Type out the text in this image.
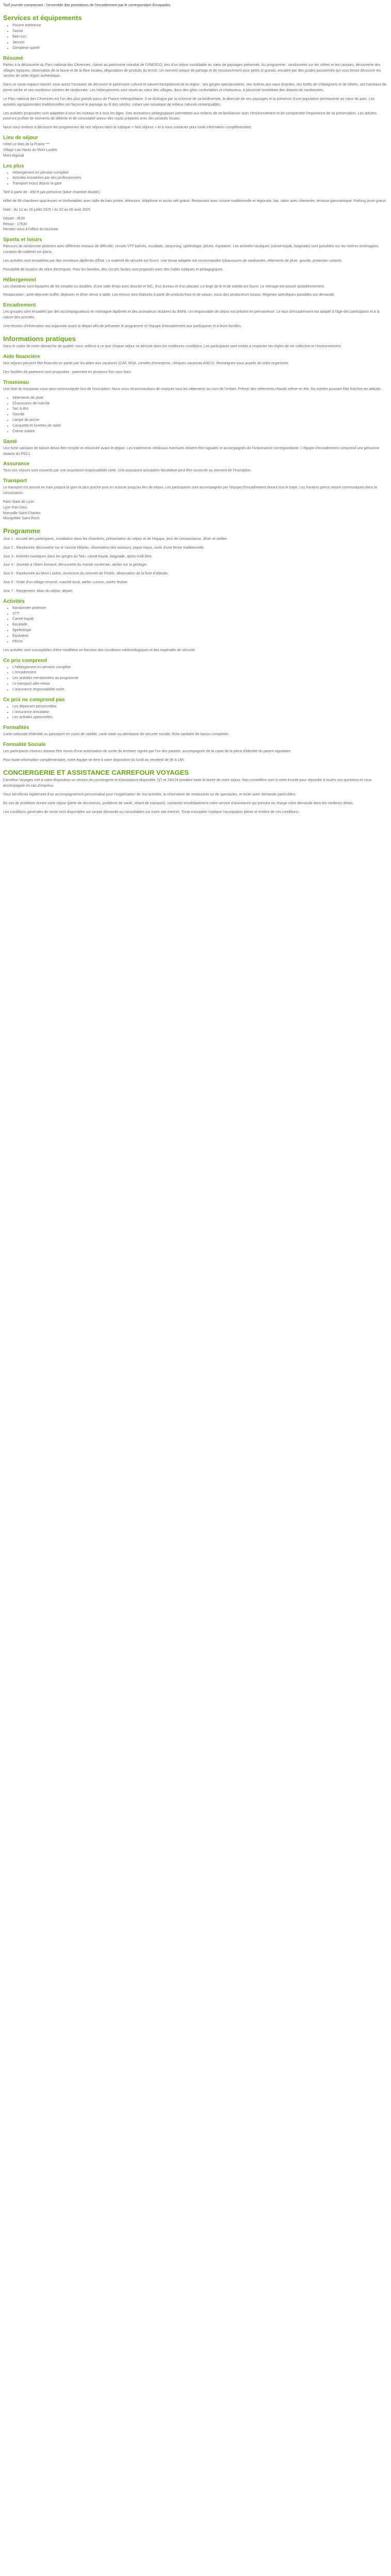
Tarif journée comprenant : l'ensemble des prestations de l'encadrement par le correspondant Escapades

Services et équipements
• Piscine extérieure
• Sauna
• Bain turc
• Jacuzzi
• Complexe sportif
Résumé

Partez à la découverte du Parc national des Cévennes, classé au patrimoine mondial de l'UNESCO, lors d'un séjour inoubliable au cœur de paysages préservés. Au programme : randonnées sur les crêtes et les causses, découverte des villages typiques, observation de la faune et de la flore locales, dégustation de produits du terroir. Un moment unique de partage et de ressourcement pour petits et grands, encadré par des guides passionnés qui vous feront découvrir les secrets de cette région authentique.

Dans ce vaste espace naturel, vous aurez l'occasion de découvrir le patrimoine culturel et naturel exceptionnel de la région : ses gorges spectaculaires, ses rivières aux eaux limpides, ses forêts de châtaigniers et de hêtres, ses hameaux de pierre sèche et ses nombreux sentiers de randonnée. Les hébergements sont situés au cœur des villages, dans des gîtes confortables et chaleureux, à proximité immédiate des départs de randonnées.

Le Parc national des Cévennes est l'un des plus grands parcs de France métropolitaine. Il se distingue par la richesse de sa biodiversité, la diversité de ses paysages et la présence d'une population permanente au cœur du parc. Les activités agropastorales traditionnelles ont façonné le paysage au fil des siècles, créant une mosaïque de milieux naturels remarquables.

Les activités proposées sont adaptées à tous les niveaux et à tous les âges. Des animations pédagogiques permettent aux enfants de se familiariser avec l'environnement et de comprendre l'importance de sa préservation. Les adultes pourront profiter de moments de détente et de convivialité autour des repas préparés avec des produits locaux.

Nous vous invitons à découvrir les programmes de nos séjours dans la rubrique « Nos séjours » et à nous contacter pour toute information complémentaire.

Lieu de séjour
Hôtel Le Mas de la Prairie ***
Village Les Hauts du Mont Lozère
Mont Aigoual
Les plus
• Hébergement en pension complète
• Activités encadrées par des professionnels
• Transport inclus depuis la gare

Tarif à partir de : 450 € par personne (base chambre double).

Hôtel de 48 chambres spacieuses et confortables avec salle de bain privée, télévision, téléphone et accès wifi gratuit. Restaurant avec cuisine traditionnelle et régionale, bar, salon avec cheminée, terrasse panoramique. Parking privé gratuit.

Date : du 12 au 18 juillet 2025 / du 02 au 08 août 2025.

Départ : 8h30
Retour : 17h30
Rendez-vous à l'office du tourisme
Sports et loisirs

Parcours de randonnée pédestre avec différents niveaux de difficulté, circuits VTT balisés, escalade, canyoning, spéléologie, pêche, équitation. Les activités nautiques (canoë-kayak, baignade) sont possibles sur les rivières aménagées. Location de matériel sur place.

Les activités sont encadrées par des moniteurs diplômés d'État. Le matériel de sécurité est fourni. Une tenue adaptée est recommandée (chaussures de randonnée, vêtements de pluie, gourde, protection solaire).

Possibilité de location de vélos électriques. Pour les familles, des circuits faciles sont proposés avec des haltes ludiques et pédagogiques.

Hébergement

Les chambres sont équipées de lits simples ou doubles, d'une salle d'eau avec douche et WC, d'un bureau et d'un placard. Le linge de lit et de toilette est fourni. Le ménage est assuré quotidiennement.

Restauration : petit-déjeuner buffet, déjeuner et dîner servis à table. Les menus sont élaborés à partir de produits frais et de saison, issus des producteurs locaux. Régimes spécifiques possibles sur demande.

Encadrement

Les groupes sont encadrés par des accompagnateurs en montagne diplômés et des animateurs titulaires du BAFA. Un responsable de séjour est présent en permanence. Le taux d'encadrement est adapté à l'âge des participants et à la nature des activités.

Une réunion d'information est organisée avant le départ afin de présenter le programme et l'équipe d'encadrement aux participants et à leurs familles.

Informations pratiques

Dans le cadre de notre démarche de qualité, nous veillons à ce que chaque séjour se déroule dans les meilleures conditions. Les participants sont invités à respecter les règles de vie collective et l'environnement.

Aide financière

Nos séjours peuvent être financés en partie par les aides aux vacances (CAF, MSA, comités d'entreprise, chèques vacances ANCV). Renseignez-vous auprès de votre organisme.

Des facilités de paiement sont proposées : paiement en plusieurs fois sans frais.

Trousseau

Une liste du trousseau vous sera communiquée lors de l'inscription. Nous vous recommandons de marquer tous les vêtements au nom de l'enfant. Prévoir des vêtements chauds même en été, les soirées pouvant être fraîches en altitude.

• Vêtements de pluie
• Chaussures de marche
• Sac à dos
• Gourde
• Lampe de poche
• Casquette et lunettes de soleil
• Crème solaire
Santé

Une fiche sanitaire de liaison devra être remplie et retournée avant le départ. Les traitements médicaux éventuels doivent être signalés et accompagnés de l'ordonnance correspondante. L'équipe d'encadrement comprend une personne titulaire du PSC1.

Assurance

Tous nos séjours sont couverts par une assurance responsabilité civile. Une assurance annulation facultative peut être souscrite au moment de l'inscription.

Transport

Le transport est assuré en train jusqu'à la gare la plus proche puis en autocar jusqu'au lieu de séjour. Les participants sont accompagnés par l'équipe d'encadrement durant tout le trajet. Les horaires précis seront communiqués dans la convocation.

Paris Gare de Lyon
Lyon Part-Dieu
Marseille Saint-Charles
Montpellier Saint-Roch
Programme

Jour 1 : Accueil des participants, installation dans les chambres, présentation du séjour et de l'équipe, jeux de connaissance, dîner et veillée.

Jour 2 : Randonnée découverte sur le causse Méjean, observation des vautours, pique-nique, visite d'une ferme traditionnelle.

Jour 3 : Activités nautiques dans les gorges du Tarn, canoë-kayak, baignade, après-midi libre.

Jour 4 : Journée à l'Aven Armand, découverte du monde souterrain, atelier sur la géologie.

Jour 5 : Randonnée au Mont Lozère, ascension du sommet de Finiels, observation de la flore d'altitude.

Jour 6 : Visite d'un village cévenol, marché local, atelier cuisine, soirée festive.

Jour 7 : Rangement, bilan du séjour, départ.

Activités
• Randonnée pédestre
• VTT
• Canoë-kayak
• Escalade
• Spéléologie
• Équitation
• Pêche

Les activités sont susceptibles d'être modifiées en fonction des conditions météorologiques et des impératifs de sécurité.

Ce prix comprend
• L'hébergement en pension complète
• L'encadrement
• Les activités mentionnées au programme
• Le transport aller-retour
• L'assurance responsabilité civile
Ce prix ne comprend pas
• Les dépenses personnelles
• L'assurance annulation
• Les activités optionnelles
Formalités

Carte nationale d'identité ou passeport en cours de validité, carte vitale ou attestation de sécurité sociale, fiche sanitaire de liaison complétée.

Formalité Sociale

Les participants mineurs doivent être munis d'une autorisation de sortie du territoire signée par l'un des parents, accompagnée de la copie de la pièce d'identité du parent signataire.

Pour toute information complémentaire, notre équipe se tient à votre disposition du lundi au vendredi de 9h à 18h.

CONCIERGERIE ET ASSISTANCE CARREFOUR VOYAGES

Carrefour Voyages met à votre disposition un service de conciergerie et d'assistance disponible 7j/7 et 24h/24 pendant toute la durée de votre séjour. Nos conseillers sont à votre écoute pour répondre à toutes vos questions et vous accompagner en cas d'imprévu.

Vous bénéficiez également d'un accompagnement personnalisé pour l'organisation de vos activités, la réservation de restaurants ou de spectacles, et toute autre demande particulière.

En cas de problème durant votre séjour (perte de documents, problème de santé, retard de transport), contactez immédiatement notre service d'assistance qui prendra en charge votre demande dans les meilleurs délais.

Les conditions générales de vente sont disponibles sur simple demande ou consultables sur notre site internet. Toute inscription implique l'acceptation pleine et entière de ces conditions.
